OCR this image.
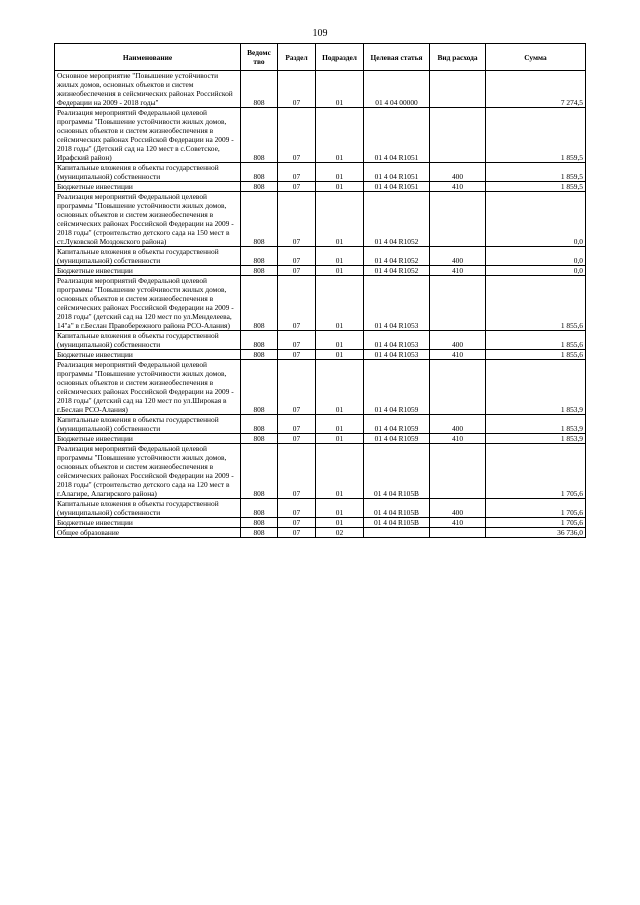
109
Наименование	Ведомс тво	Раздел	Подраздел	Целевая статья	Вид расхода	Сумма
Основное мероприятие "Повышение устойчивости жилых домов, основных объектов и систем жизнеобеспечения в сейсмических районах Российской Федерации на 2009 - 2018 годы"	808	07	01	01 4 04 00000		7 274,5
Реализация мероприятий Федеральной целевой программы "Повышение устойчивости жилых домов, основных объектов и систем жизнеобеспечения в сейсмических районах Российской Федерации на 2009 - 2018 годы" (Детский сад на 120 мест в с.Советское, Ирафский район)	808	07	01	01 4 04 R1051		1 859,5
Капитальные вложения в объекты государственной (муниципальной) собственности	808	07	01	01 4 04 R1051	400	1 859,5
Бюджетные инвестиции	808	07	01	01 4 04 R1051	410	1 859,5
Реализация мероприятий Федеральной целевой программы "Повышение устойчивости жилых домов, основных объектов и систем жизнеобеспечения в сейсмических районах Российской Федерации на 2009 - 2018 годы" (строительство детского сада на 150 мест в ст.Луковской Моздокского района)	808	07	01	01 4 04 R1052		0,0
Капитальные вложения в объекты государственной (муниципальной) собственности	808	07	01	01 4 04 R1052	400	0,0
Бюджетные инвестиции	808	07	01	01 4 04 R1052	410	0,0
Реализация мероприятий Федеральной целевой программы "Повышение устойчивости жилых домов, основных объектов и систем жизнеобеспечения в сейсмических районах Российской Федерации на 2009 - 2018 годы" (детский сад на 120 мест по ул.Менделеева, 14"а" в г.Беслан Правобережного района РСО-Алания)	808	07	01	01 4 04 R1053		1 855,6
Капитальные вложения в объекты государственной (муниципальной) собственности	808	07	01	01 4 04 R1053	400	1 855,6
Бюджетные инвестиции	808	07	01	01 4 04 R1053	410	1 855,6
Реализация мероприятий Федеральной целевой программы "Повышение устойчивости жилых домов, основных объектов и систем жизнеобеспечения в сейсмических районах Российской Федерации на 2009 - 2018 годы" (детский сад на 120 мест по ул.Широкая в г.Беслан РСО-Алания)	808	07	01	01 4 04 R1059		1 853,9
Капитальные вложения в объекты государственной (муниципальной) собственности	808	07	01	01 4 04 R1059	400	1 853,9
Бюджетные инвестиции	808	07	01	01 4 04 R1059	410	1 853,9
Реализация мероприятий Федеральной целевой программы "Повышение устойчивости жилых домов, основных объектов и систем жизнеобеспечения в сейсмических районах Российской Федерации на 2009 - 2018 годы" (строительство детского сада на 120 мест в г.Алагире, Алагирского района)	808	07	01	01 4 04 R105B		1 705,6
Капитальные вложения в объекты государственной (муниципальной) собственности	808	07	01	01 4 04 R105B	400	1 705,6
Бюджетные инвестиции	808	07	01	01 4 04 R105B	410	1 705,6
Общее образование	808	07	02			36 736,0
